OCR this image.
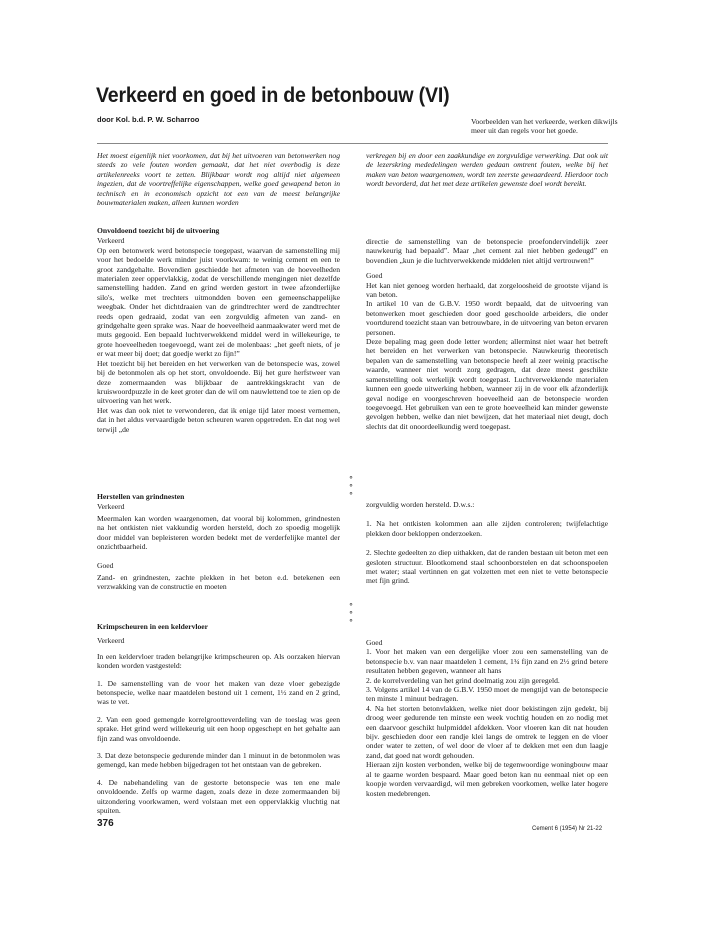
Verkeerd en goed in de betonbouw (VI)
door Kol. b.d. P. W. Scharroo	Voorbeelden van het verkeerde, werken dikwijls meer uit dan regels voor het goede.

Het moest eigenlijk niet voorkomen, dat bij het uitvoeren van betonwerken nog steeds zo vele fouten worden gemaakt, dat het niet overbodig is deze artikelenreeks voort te zetten. Blijkbaar wordt nog altijd niet algemeen ingezien, dat de voortreffelijke eigenschappen, welke goed gewapend beton in technisch en in economisch opzicht tot een van de meest belangrijke bouwmaterialen maken, alleen kunnen worden

verkregen bij en door een zaakkundige en zorgvuldige verwerking. Dat ook uit de lezerskring mededelingen werden gedaan omtrent fouten, welke bij het maken van beton waargenomen, wordt ten zeerste gewaardeerd. Hierdoor toch wordt bevorderd, dat het met deze artikelen gewenste doel wordt bereikt.

Onvoldoend toezicht bij de uitvoering

Verkeerd

Op een betonwerk werd betonspecie toegepast, waarvan de samenstelling mij voor het bedoelde werk minder juist voorkwam: te weinig cement en een te groot zandgehalte. Bovendien geschiedde het afmeten van de hoeveelheden materialen zeer oppervlakkig, zodat de verschillende mengingen niet dezelfde samenstelling hadden. Zand en grind werden gestort in twee afzonderlijke silo's, welke met trechters uitmondden boven een gemeenschappelijke weegbak. Onder het dichtdraaien van de grindtrechter werd de zandtrechter reeds open gedraaid, zodat van een zorgvuldig afmeten van zand- en grindgehalte geen sprake was. Naar de hoeveelheid aanmaakwater werd met de muts gegooid. Een bepaald luchtverwekkend middel werd in willekeurige, te grote hoeveelheden toegevoegd, want zei de molenbaas: „het geeft niets, of je er wat meer bij doet; dat goedje werkt zo fijn!”

Het toezicht bij het bereiden en het verwerken van de betonspecie was, zowel bij de betonmolen als op het stort, onvoldoende. Bij het gure herfstweer van deze zomermaanden was blijkbaar de aantrekkingskracht van de kruiswoordpuzzle in de keet groter dan de wil om nauwlettend toe te zien op de uitvoering van het werk.

Het was dan ook niet te verwonderen, dat ik enige tijd later moest vernemen, dat in het aldus vervaardigde beton scheuren waren opgetreden. En dat nog wel terwijl „de

directie de samenstelling van de betonspecie proefondervindelijk zeer nauwkeurig had bepaald”. Maar „het cement zal niet hebben gedeugd” en bovendien „kun je die luchtverwekkende middelen niet altijd vertrouwen!”

Goed

Het kan niet genoeg worden herhaald, dat zorgeloosheid de grootste vijand is van beton.

In artikel 10 van de G.B.V. 1950 wordt bepaald, dat de uitvoering van betonwerken moet geschieden door goed geschoolde arbeiders, die onder voortdurend toezicht staan van betrouwbare, in de uitvoering van beton ervaren personen.

Deze bepaling mag geen dode letter worden; allerminst niet waar het betreft het bereiden en het verwerken van betonspecie. Nauwkeurig theoretisch bepalen van de samenstelling van betonspecie heeft al zeer weinig practische waarde, wanneer niet wordt zorg gedragen, dat deze meest geschikte samenstelling ook werkelijk wordt toegepast. Luchtverwekkende materialen kunnen een goede uitwerking hebben, wanneer zij in de voor elk afzonderlijk geval nodige en voorgeschreven hoeveelheid aan de betonspecie worden toegevoegd. Het gebruiken van een te grote hoeveelheid kan minder gewenste gevolgen hebben, welke dan niet bewijzen, dat het materiaal niet deugt, doch slechts dat dit onoordeelkundig werd toegepast.

° ° °

Herstellen van grindnesten

Verkeerd

Meermalen kan worden waargenomen, dat vooral bij kolommen, grindnesten na het ontkisten niet vakkundig worden hersteld, doch zo spoedig mogelijk door middel van bepleisteren worden bedekt met de verderfelijke mantel der onzichtbaarheid.

Goed

Zand- en grindnesten, zachte plekken in het beton e.d. betekenen een verzwakking van de constructie en moeten

zorgvuldig worden hersteld. D.w.s.:

1. Na het ontkisten kolommen aan alle zijden controleren; twijfelachtige plekken door bekloppen onderzoeken.

2. Slechte gedeelten zo diep uithakken, dat de randen bestaan uit beton met een gesloten structuur. Blootkomend staal schoonborstelen en dat schoonspoelen met water; staal vertinnen en gat volzetten met een niet te vette betonspecie met fijn grind.

° ° °

Krimpscheuren in een keldervloer

Verkeerd

In een keldervloer traden belangrijke krimpscheuren op. Als oorzaken hiervan konden worden vastgesteld:

1. De samenstelling van de voor het maken van deze vloer gebezigde betonspecie, welke naar maatdelen bestond uit 1 cement, 1½ zand en 2 grind, was te vet.

2. Van een goed gemengde korrelgrootteverdeling van de toeslag was geen sprake. Het grind werd willekeurig uit een hoop opgeschept en het gehalte aan fijn zand was onvoldoende.

3. Dat deze betonspecie gedurende minder dan 1 minuut in de betonmolen was gemengd, kan mede hebben bijgedragen tot het ontstaan van de gebreken.

4. De nabehandeling van de gestorte betonspecie was ten ene male onvoldoende. Zelfs op warme dagen, zoals deze in deze zomermaanden bij uitzondering voorkwamen, werd volstaan met een oppervlakkig vluchtig nat spuiten.

Goed

1. Voor het maken van een dergelijke vloer zou een samenstelling van de betonspecie b.v. van naar maatdelen 1 cement, 1¾ fijn zand en 2½ grind betere resultaten hebben gegeven, wanneer alt hans

2. de korrelverdeling van het grind doelmatig zou zijn geregeld.

3. Volgens artikel 14 van de G.B.V. 1950 moet de mengtijd van de betonspecie ten minste 1 minuut bedragen.

4. Na het storten betonvlakken, welke niet door bekistingen zijn gedekt, bij droog weer gedurende ten minste een week vochtig houden en zo nodig met een daarvoor geschikt hulpmiddel afdekken. Voor vloeren kan dit nat houden bijv. geschieden door een randje klei langs de omtrek te leggen en de vloer onder water te zetten, of wel door de vloer af te dekken met een dun laagje zand, dat goed nat wordt gehouden.

Hieraan zijn kosten verbonden, welke bij de tegenwoordige woningbouw maar al te gaarne worden bespaard. Maar goed beton kan nu eenmaal niet op een koopje worden vervaardigd, wil men gebreken voorkomen, welke later hogere kosten medebrengen.

376	Cement 6 (1954) Nr 21-22
